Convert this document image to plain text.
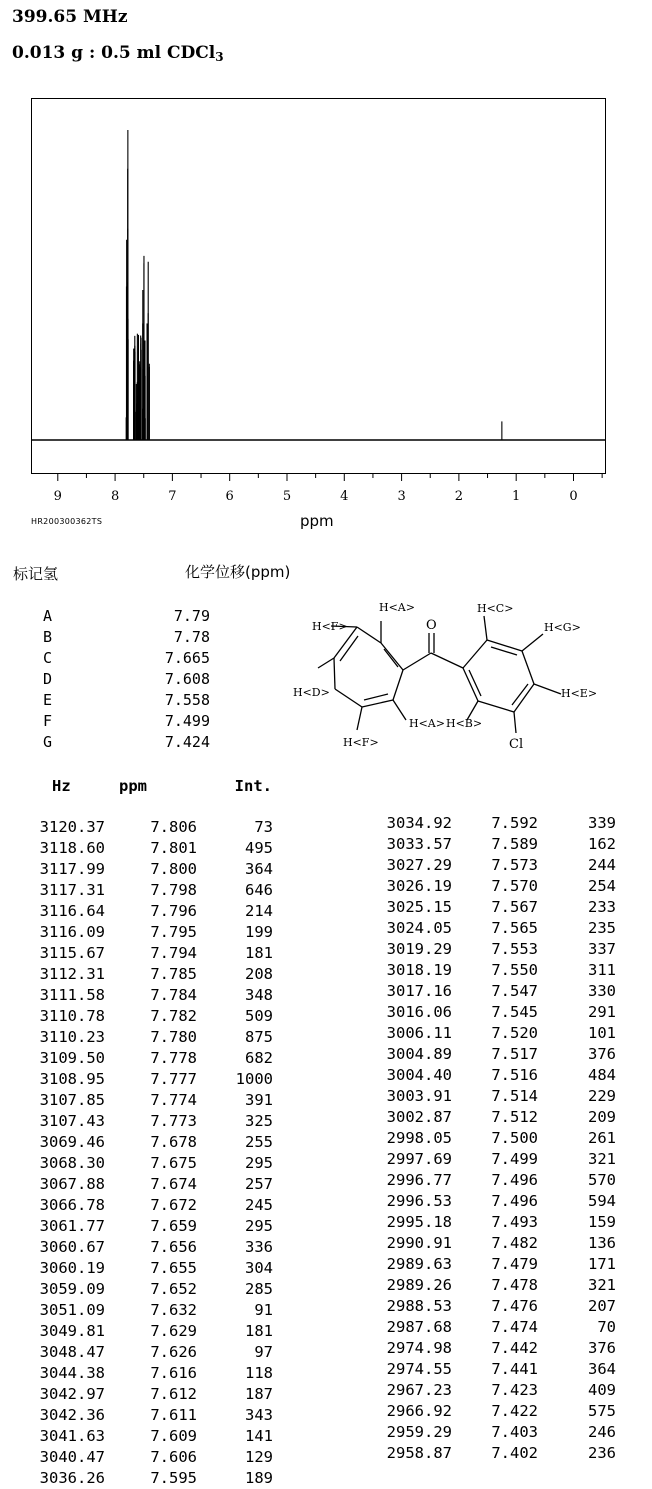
399.65 MHz
0.013 g : 0.5 ml CDCl$_3$
9	8	7	6	5	4	3	2	1	0
HR200300362TS	ppm
标记氢	化学位移(ppm)
A	7.79
B	7.78
C	7.665
D	7.608
E	7.558
F	7.499
G	7.424
O
Cl
H<A>
H<F>
H<D>
H<F>
H<A> H<B>
H<C>
H<G>
H<E>
Hz	ppm	Int.
3120.37	7.806	73
3118.60	7.801	495
3117.99	7.800	364
3117.31	7.798	646
3116.64	7.796	214
3116.09	7.795	199
3115.67	7.794	181
3112.31	7.785	208
3111.58	7.784	348
3110.78	7.782	509
3110.23	7.780	875
3109.50	7.778	682
3108.95	7.777	1000
3107.85	7.774	391
3107.43	7.773	325
3069.46	7.678	255
3068.30	7.675	295
3067.88	7.674	257
3066.78	7.672	245
3061.77	7.659	295
3060.67	7.656	336
3060.19	7.655	304
3059.09	7.652	285
3051.09	7.632	91
3049.81	7.629	181
3048.47	7.626	97
3044.38	7.616	118
3042.97	7.612	187
3042.36	7.611	343
3041.63	7.609	141
3040.47	7.606	129
3036.26	7.595	189
3034.92	7.592	339
3033.57	7.589	162
3027.29	7.573	244
3026.19	7.570	254
3025.15	7.567	233
3024.05	7.565	235
3019.29	7.553	337
3018.19	7.550	311
3017.16	7.547	330
3016.06	7.545	291
3006.11	7.520	101
3004.89	7.517	376
3004.40	7.516	484
3003.91	7.514	229
3002.87	7.512	209
2998.05	7.500	261
2997.69	7.499	321
2996.77	7.496	570
2996.53	7.496	594
2995.18	7.493	159
2990.91	7.482	136
2989.63	7.479	171
2989.26	7.478	321
2988.53	7.476	207
2987.68	7.474	70
2974.98	7.442	376
2974.55	7.441	364
2967.23	7.423	409
2966.92	7.422	575
2959.29	7.403	246
2958.87	7.402	236
